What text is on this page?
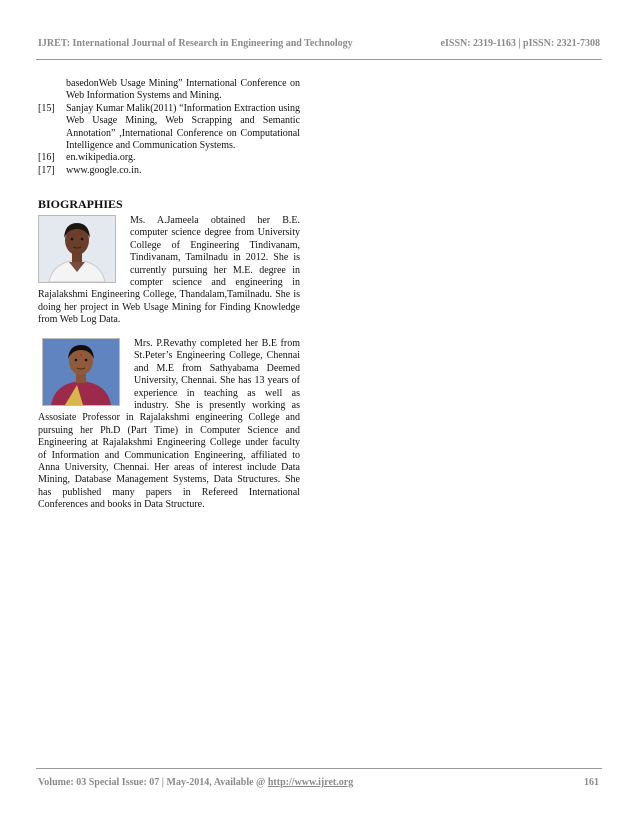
IJRET: International Journal of Research in Engineering and Technology	eISSN: 2319-1163 | pISSN: 2321-7308
basedonWeb Usage Mining” International Conference on Web Information Systems and Mining.
[15]	Sanjay Kumar Malik(2011) “Information Extraction using Web Usage Mining, Web Scrapping and Semantic Annotation” ,International Conference on Computational Intelligence and Communication Systems.
[16]	en.wikipedia.org.
[17]	www.google.co.in.
BIOGRAPHIES
Ms. A.Jameela obtained her B.E. computer science degree from University College of Engineering Tindivanam, Tindivanam, Tamilnadu in 2012. She is currently pursuing her M.E. degree in compter science and engineering in Rajalakshmi Engineering College, Thandalam,Tamilnadu. She is doing her project in Web Usage Mining for Finding Knowledge from Web Log Data.
Mrs. P.Revathy completed her B.E from St.Peter’s Engineering College, Chennai and M.E from Sathyabama Deemed University, Chennai. She has 13 years of experience in teaching as well as industry. She is presently working as Assosiate Professor in Rajalakshmi engineering College and pursuing her Ph.D (Part Time) in Computer Science and Engineering at Rajalakshmi Engineering College under faculty of Information and Communication Engineering, affiliated to Anna University, Chennai. Her areas of interest include Data Mining, Database Management Systems, Data Structures. She has published many papers in Refereed International Conferences and books in Data Structure.
Volume: 03 Special Issue: 07 | May-2014, Available @ http://www.ijret.org	161
